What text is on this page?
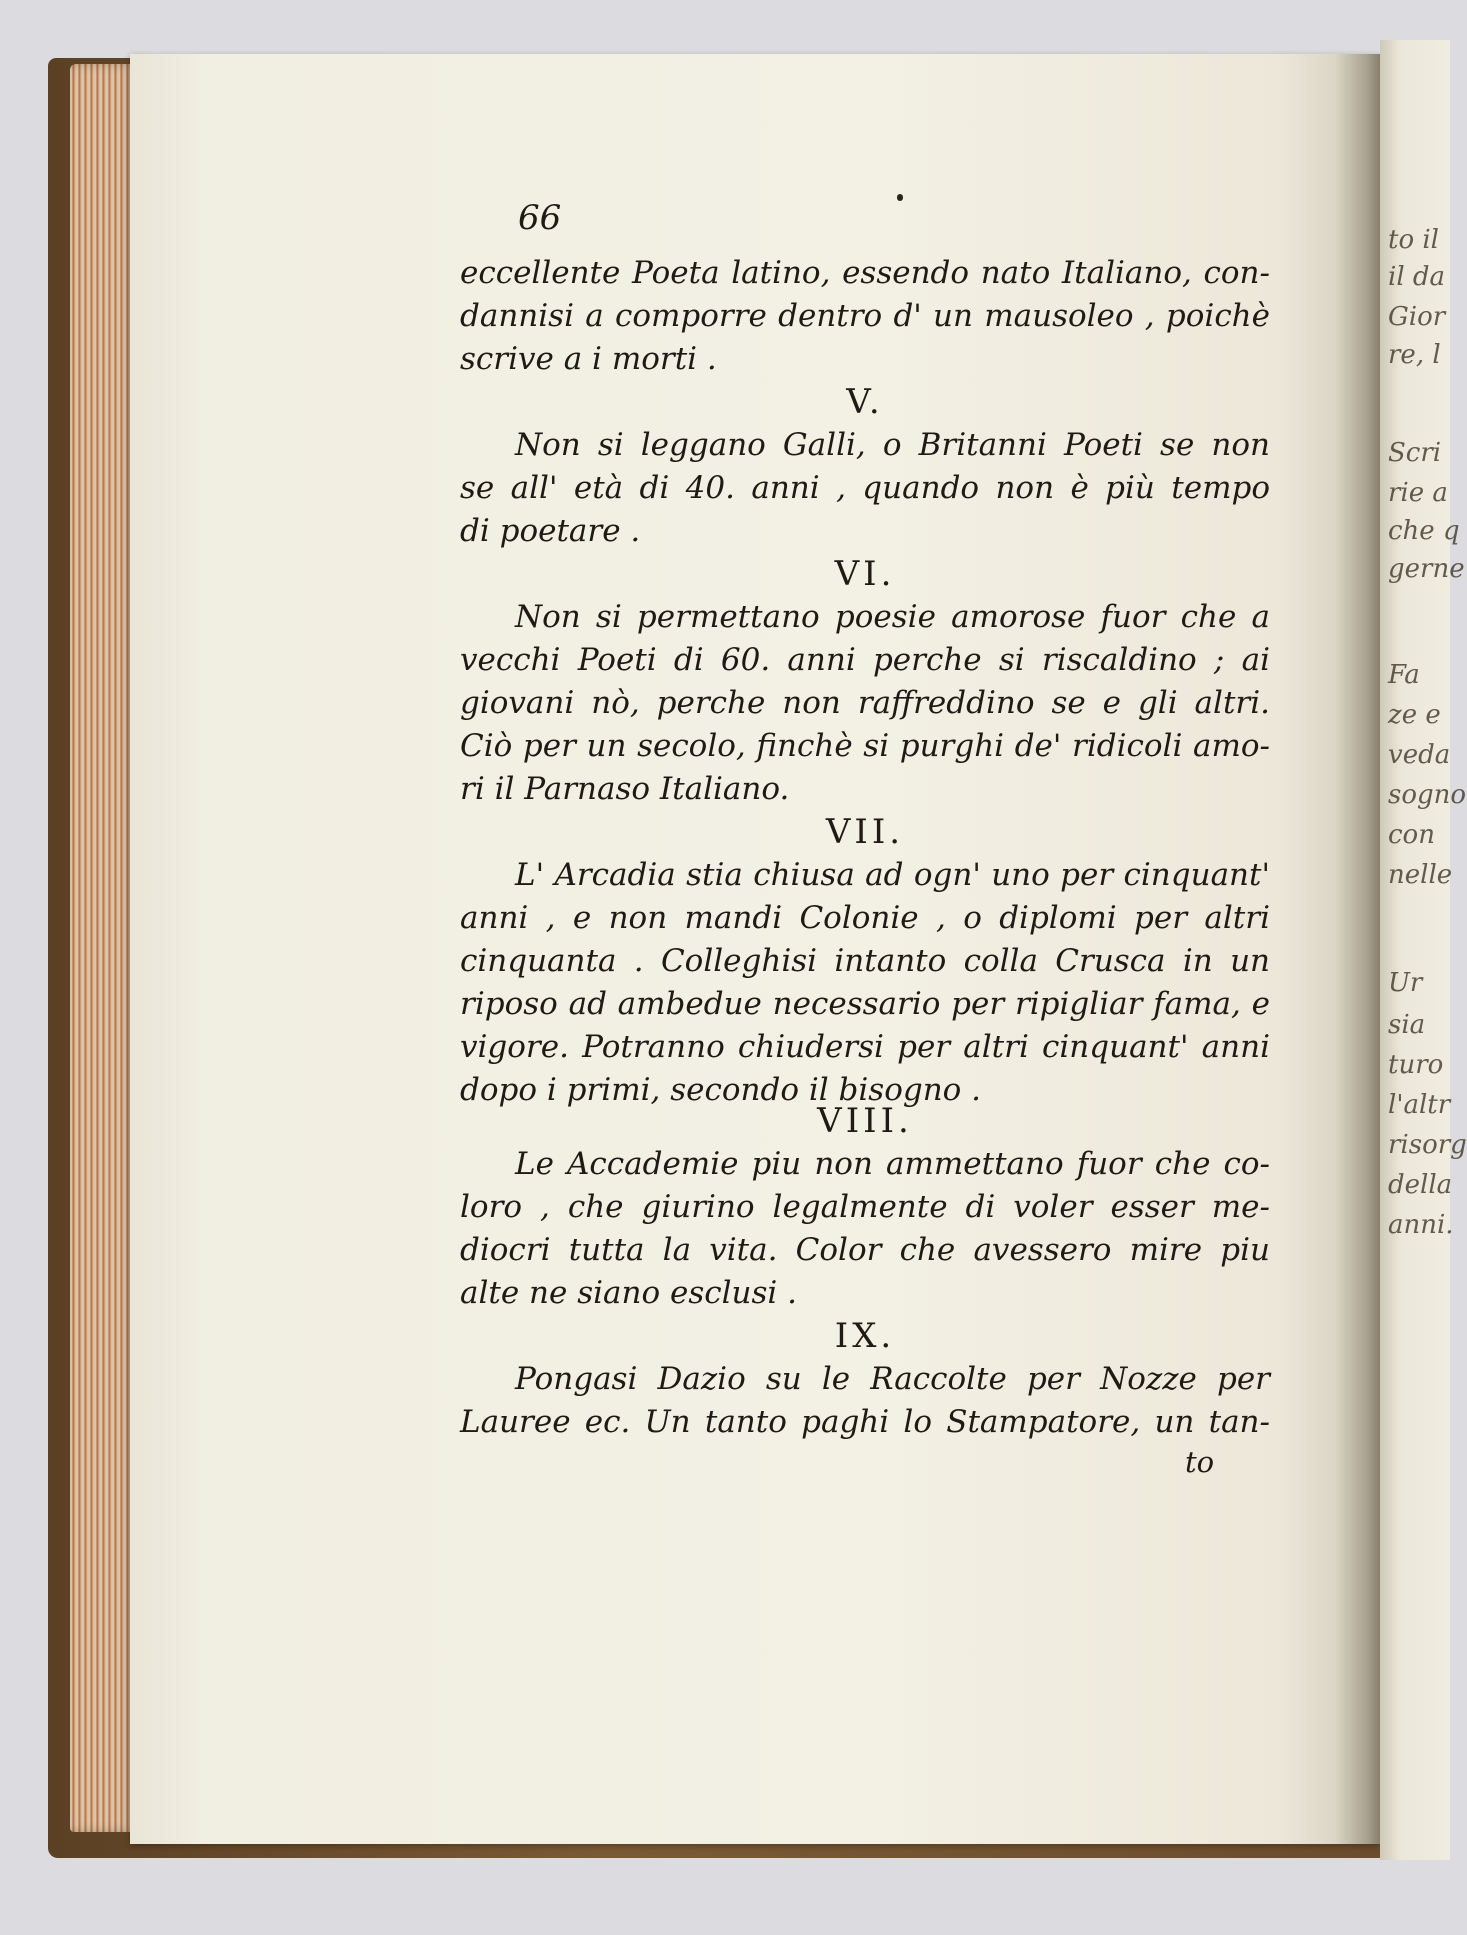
to il
il da
Gior
re, l
Scri
rie a
che q
gerne
Fa
ze e
veda
sogno
con
nelle
Ur
sia
turo
l'altr
risorg
della
anni.
66
eccellente Poeta latino, essendo nato Italiano, con-
dannisi a comporre dentro d' un mausoleo , poichè
scrive a i morti .
V.
Non si leggano Galli, o Britanni Poeti se non
se all' età di 40. anni , quando non è più tempo
di poetare .
VI.
Non si permettano poesie amorose fuor che a
vecchi Poeti di 60. anni perche si riscaldino ; ai
giovani nò, perche non raffreddino se e gli altri.
Ciò per un secolo, finchè si purghi de' ridicoli amo-
ri il Parnaso Italiano.
VII.
L' Arcadia stia chiusa ad ogn' uno per cinquant'
anni , e non mandi Colonie , o diplomi per altri
cinquanta . Colleghisi intanto colla Crusca in un
riposo ad ambedue necessario per ripigliar fama, e
vigore. Potranno chiudersi per altri cinquant' anni
dopo i primi, secondo il bisogno .
VIII.
Le Accademie piu non ammettano fuor che co-
loro , che giurino legalmente di voler esser me-
diocri tutta la vita. Color che avessero mire piu
alte ne siano esclusi .
IX.
Pongasi Dazio su le Raccolte per Nozze per
Lauree ec. Un tanto paghi lo Stampatore, un tan-
to
